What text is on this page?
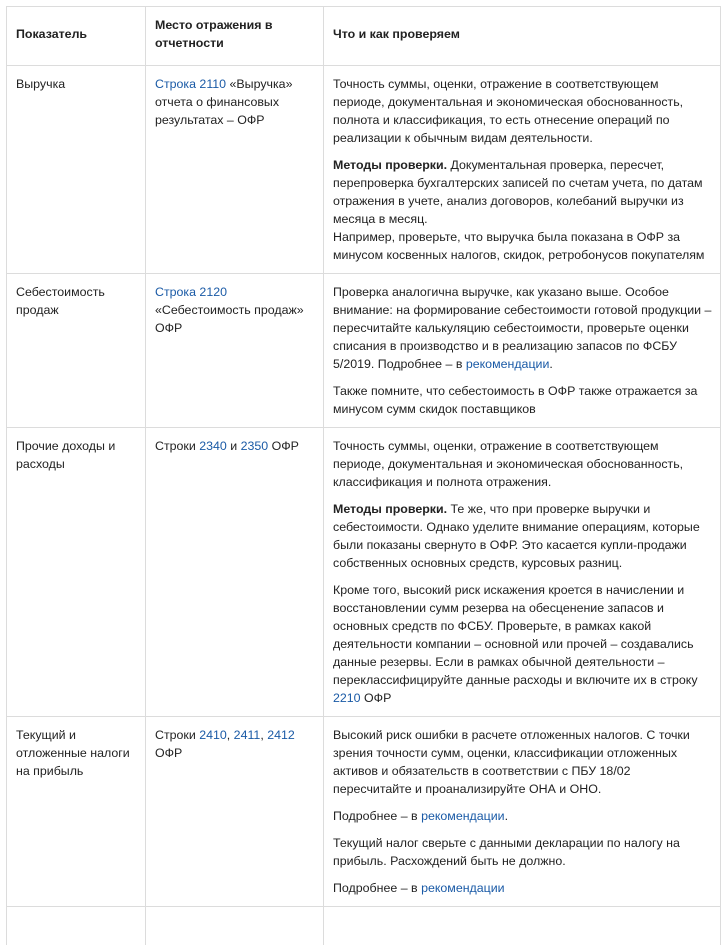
Показатель	Место отражения в отчетности	Что и как проверяем
Выручка	Строка 2110 «Выручка» отчета о финансовых результатах – ОФР	Точность суммы, оценки, отражение в соответствующем периоде, документальная и экономическая обоснованность, полнота и классификация, то есть отнесение операций по реализации к обычным видам деятельности.

Методы проверки. Документальная проверка, пересчет, перепроверка бухгалтерских записей по счетам учета, по датам отражения в учете, анализ договоров, колебаний выручки из месяца в месяц.
Например, проверьте, что выручка была показана в ОФР за минусом косвенных налогов, скидок, ретробонусов покупателям

Себестоимость продаж	Строка 2120 «Себестоимость продаж» ОФР	Проверка аналогична выручке, как указано выше. Особое внимание: на формирование себестоимости готовой продукции – пересчитайте калькуляцию себестоимости, проверьте оценки списания в производство и в реализацию запасов по ФСБУ 5/2019. Подробнее – в рекомендации.

Также помните, что себестоимость в ОФР также отражается за минусом сумм скидок поставщиков

Прочие доходы и расходы	Строки 2340 и 2350 ОФР	Точность суммы, оценки, отражение в соответствующем периоде, документальная и экономическая обоснованность, классификация и полнота отражения.

Методы проверки. Те же, что при проверке выручки и себестоимости. Однако уделите внимание операциям, которые были показаны свернуто в ОФР. Это касается купли-продажи собственных основных средств, курсовых разниц.

Кроме того, высокий риск искажения кроется в начислении и восстановлении сумм резерва на обесценение запасов и основных средств по ФСБУ. Проверьте, в рамках какой деятельности компании – основной или прочей – создавались данные резервы. Если в рамках обычной деятельности – переклассифицируйте данные расходы и включите их в строку 2210 ОФР

Текущий и отложенные налоги на прибыль	Строки 2410, 2411, 2412 ОФР	Высокий риск ошибки в расчете отложенных налогов. С точки зрения точности сумм, оценки, классификации отложенных активов и обязательств в соответствии с ПБУ 18/02 пересчитайте и проанализируйте ОНА и ОНО.

Подробнее – в рекомендации.

Текущий налог сверьте с данными декларации по налогу на прибыль. Расхождений быть не должно.

Подробнее – в рекомендации
